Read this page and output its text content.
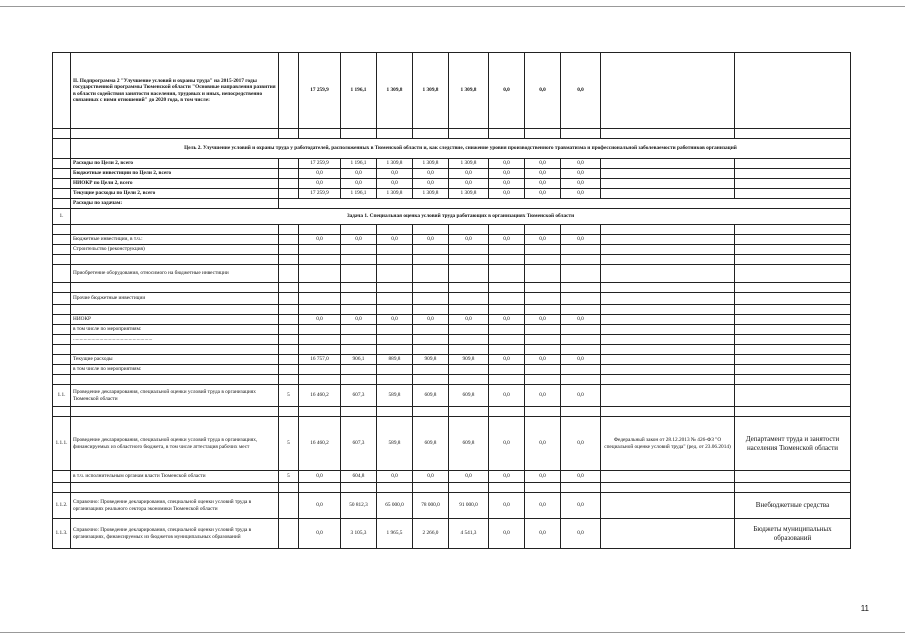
	II. Подпрограмма 2 "Улучшение условий и охраны труда" на 2015-2017 годы государственной программы Тюменской области "Основные направления развития в области содействия занятости населения, трудовых и иных, непосредственно связанных с ними отношений" до 2020 года, в том числе:		17 259,9	1 196,1	1 309,8	1 309,8	1 309,8	0,0	0,0	0,0		

	Цель 2. Улучшение условий и охраны труда у работодателей, расположенных в Тюменской области и, как следствие, снижение уровня производственного травматизма и профессиональной заболеваемости работников организаций											
	Расходы по Цели 2, всего		17 259,9	1 196,1	1 309,8	1 309,8	1 309,8	0,0	0,0	0,0		
	Бюджетные инвестиции по Цели 2, всего		0,0	0,0	0,0	0,0	0,0	0,0	0,0	0,0		
	НИОКР по Цели 2, всего		0,0	0,0	0,0	0,0	0,0	0,0	0,0	0,0		
	Текущие расходы по Цели 2, всего		17 259,9	1 196,1	1 309,8	1 309,8	1 309,8	0,0	0,0	0,0		
	Расходы по задачам:											
1.	Задача 1. Специальная оценка условий труда работающих в организациях Тюменской области											

	Бюджетные инвестиции, в т.ч.:		0,0	0,0	0,0	0,0	0,0	0,0	0,0	0,0		
	Строительство (реконструкция)											

	Приобретение оборудования, относимого на бюджетные инвестиции											

	Прочие бюджетные инвестиции											

	НИОКР		0,0	0,0	0,0	0,0	0,0	0,0	0,0	0,0		
	в том числе по мероприятиям:											
	............................................................											

	Текущие расходы		16 757,0	906,1	889,8	909,8	909,8	0,0	0,0	0,0		
	в том числе по мероприятиям:											

1.1.	Проведение декларирования, специальной оценки условий труда в организациях Тюменской области	5	16 460,2	607,3	589,8	609,8	609,8	0,0	0,0	0,0		

1.1.1.	Проведение декларирования, специальной оценки условий труда в организациях, финансируемых из областного бюджета, в том числе аттестация рабочих мест	5	16 460,2	607,3	589,8	609,8	609,8	0,0	0,0	0,0	Федеральный закон от 28.12.2013 № 426-ФЗ "О специальной оценке условий труда" (ред. от 23.06.2014)	Департамент труда и занятости населения Тюменской области
	в т.ч. исполнительным органам власти Тюменской области	5	0,0	604,8	0,0	0,0	0,0	0,0	0,0	0,0		

1.1.2.	Справочно: Проведение декларирования, специальной оценки условий труда в организациях реального сектора экономики Тюменской области		0,0	50 812,3	65 000,0	78 000,0	91 000,0	0,0	0,0	0,0		Внебюджетные средства
1.1.3.	Справочно: Проведение декларирования, специальной оценки условий труда в организациях, финансируемых из бюджетов муниципальных образований		0,0	3 105,3	1 965,5	2 266,0	4 541,3	0,0	0,0	0,0		Бюджеты муниципальных образований
11
